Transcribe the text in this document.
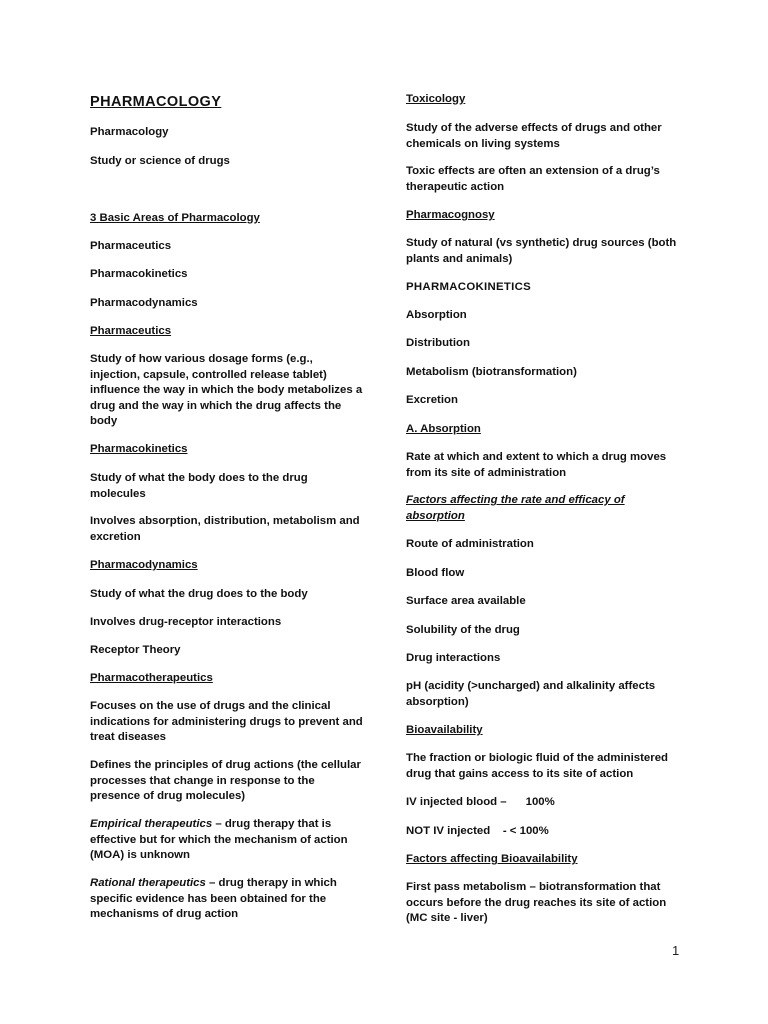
PHARMACOLOGY
Pharmacology
Study or science of drugs
3 Basic Areas of Pharmacology
Pharmaceutics
Pharmacokinetics
Pharmacodynamics
Pharmaceutics
Study of how various dosage forms (e.g.,
injection, capsule, controlled release tablet)
influence the way in which the body metabolizes a
drug and the way in which the drug affects the
body
Pharmacokinetics
Study of what the body does to the drug
molecules
Involves absorption, distribution, metabolism and
excretion
Pharmacodynamics
Study of what the drug does to the body
Involves drug-receptor interactions
Receptor Theory
Pharmacotherapeutics
Focuses on the use of drugs and the clinical
indications for administering drugs to prevent and
treat diseases
Defines the principles of drug actions (the cellular
processes that change in response to the
presence of drug molecules)
Empirical therapeutics – drug therapy that is
effective but for which the mechanism of action
(MOA) is unknown
Rational therapeutics – drug therapy in which
specific evidence has been obtained for the
mechanisms of drug action
Toxicology
Study of the adverse effects of drugs and other
chemicals on living systems
Toxic effects are often an extension of a drug’s
therapeutic action
Pharmacognosy
Study of natural (vs synthetic) drug sources (both
plants and animals)
PHARMACOKINETICS
Absorption
Distribution
Metabolism (biotransformation)
Excretion
A. Absorption
Rate at which and extent to which a drug moves
from its site of administration
Factors affecting the rate and efficacy of
absorption
Route of administration
Blood flow
Surface area available
Solubility of the drug
Drug interactions
pH (acidity (>uncharged) and alkalinity affects
absorption)
Bioavailability
The fraction or biologic fluid of the administered
drug that gains access to its site of action
IV injected blood –      100%
NOT IV injected    - < 100%
Factors affecting Bioavailability
First pass metabolism – biotransformation that
occurs before the drug reaches its site of action
(MC site - liver)
1
